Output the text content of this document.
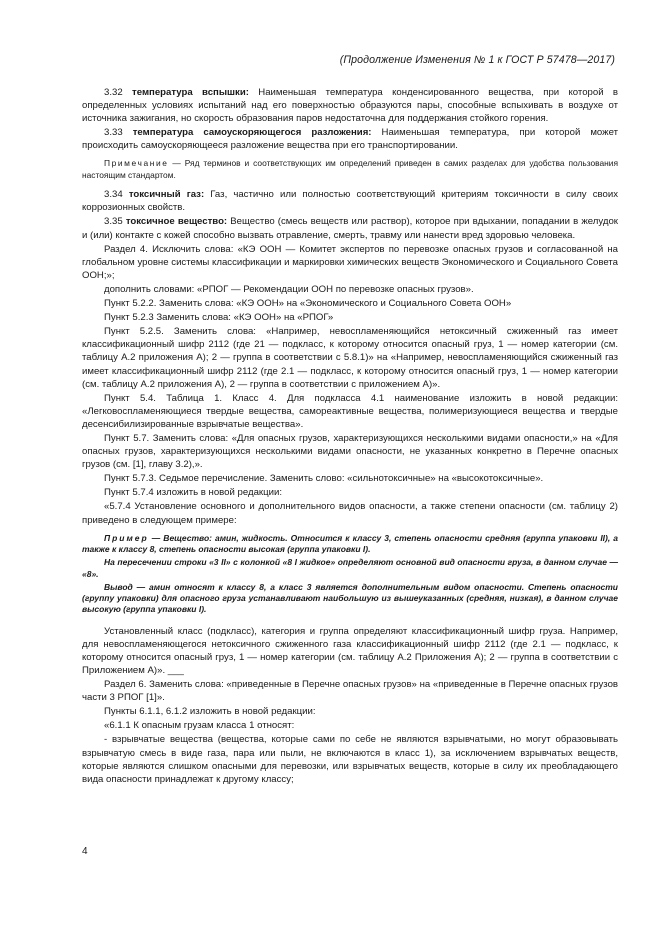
(Продолжение Изменения № 1 к ГОСТ Р 57478—2017)

3.32 температура вспышки: Наименьшая температура конденсированного вещества, при которой в определенных условиях испытаний над его поверхностью образуются пары, способные вспыхивать в воздухе от источника зажигания, но скорость образования паров недостаточна для поддержания стойкого горения.

3.33 температура самоускоряющегося разложения: Наименьшая температура, при которой может происходить самоускоряющееся разложение вещества при его транспортировании.

Примечание — Ряд терминов и соответствующих им определений приведен в самих разделах для удобства пользования настоящим стандартом.

3.34 токсичный газ: Газ, частично или полностью соответствующий критериям токсичности в силу своих коррозионных свойств.

3.35 токсичное вещество: Вещество (смесь веществ или раствор), которое при вдыхании, попадании в желудок и (или) контакте с кожей способно вызвать отравление, смерть, травму или нанести вред здоровью человека.

Раздел 4. Исключить слова: «КЭ ООН — Комитет экспертов по перевозке опасных грузов и согласованной на глобальном уровне системы классификации и маркировки химических веществ Экономического и Социального Совета ООН;»;

дополнить словами: «РПОГ — Рекомендации ООН по перевозке опасных грузов».

Пункт 5.2.2. Заменить слова: «КЭ ООН» на «Экономического и Социального Совета ООН»

Пункт 5.2.3 Заменить слова: «КЭ ООН» на «РПОГ»

Пункт 5.2.5. Заменить слова: «Например, невоспламеняющийся нетоксичный сжиженный газ имеет классификационный шифр 2112 (где 21 — подкласс, к которому относится опасный груз, 1 — номер категории (см. таблицу А.2 приложения А); 2 — группа в соответствии с 5.8.1)» на «Например, невоспламеняющийся сжиженный газ имеет классификационный шифр 2112 (где 2.1 — подкласс, к которому относится опасный груз, 1 — номер категории (см. таблицу А.2 приложения А), 2 — группа в соответствии с приложением А)».

Пункт 5.4. Таблица 1. Класс 4. Для подкласса 4.1 наименование изложить в новой редакции: «Легковоспламеняющиеся твердые вещества, самореактивные вещества, полимеризующиеся вещества и твердые десенсибилизированные взрывчатые вещества».

Пункт 5.7. Заменить слова: «Для опасных грузов, характеризующихся несколькими видами опасности,» на «Для опасных грузов, характеризующихся несколькими видами опасности, не указанных конкретно в Перечне опасных грузов (см. [1], главу 3.2),».

Пункт 5.7.3. Седьмое перечисление. Заменить слово: «сильнотоксичные» на «высокотоксичные».

Пункт 5.7.4 изложить в новой редакции:

«5.7.4 Установление основного и дополнительного видов опасности, а также степени опасности (см. таблицу 2) приведено в следующем примере:

Пример — Вещество: амин, жидкость. Относится к классу 3, степень опасности средняя (группа упаковки II), а также к классу 8, степень опасности высокая (группа упаковки I).

На пересечении строки «3 II» с колонкой «8 I жидкое» определяют основной вид опасности груза, в данном случае — «8».

Вывод — амин относят к классу 8, а класс 3 является дополнительным видом опасности. Степень опасности (группу упаковки) для опасного груза устанавливают наибольшую из вышеуказанных (средняя, низкая), в данном случае высокую (группа упаковки I).

Установленный класс (подкласс), категория и группа определяют классификационный шифр груза. Например, для невоспламеняющегося нетоксичного сжиженного газа классификационный шифр 2112 (где 2.1 — подкласс, к которому относится опасный груз, 1 — номер категории (см. таблицу А.2 Приложения А); 2 — группа в соответствии с Приложением А)». ___

Раздел 6. Заменить слова: «приведенные в Перечне опасных грузов» на «приведенные в Перечне опасных грузов части 3 РПОГ [1]».

Пункты 6.1.1, 6.1.2 изложить в новой редакции:

«6.1.1 К опасным грузам класса 1 относят:

- взрывчатые вещества (вещества, которые сами по себе не являются взрывчатыми, но могут образовывать взрывчатую смесь в виде газа, пара или пыли, не включаются в класс 1), за исключением взрывчатых веществ, которые являются слишком опасными для перевозки, или взрывчатых веществ, которые в силу их преобладающего вида опасности принадлежат к другому классу;

4
